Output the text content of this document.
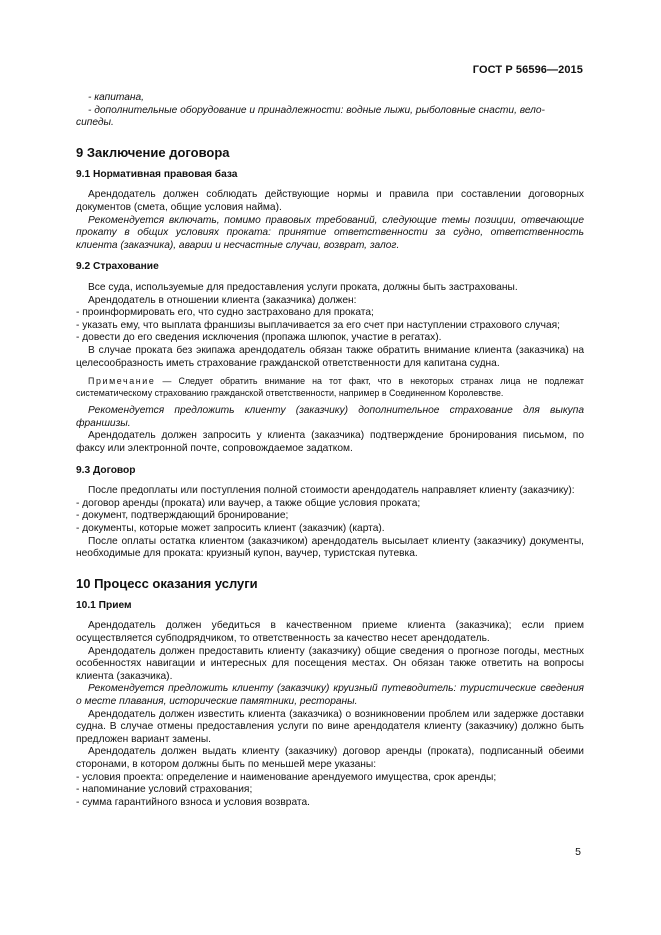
ГОСТ Р 56596—2015

- капитана,

- дополнительные оборудование и принадлежности: водные лыжи, рыболовные снасти, вело-

сипеды.

9 Заключение договора
9.1 Нормативная правовая база

Арендодатель должен соблюдать действующие нормы и правила при составлении договорных документов (смета, общие условия найма).

Рекомендуется включать, помимо правовых требований, следующие темы позиции, отвечающие прокату в общих условиях проката: принятие ответственности за судно, ответственность клиента (заказчика), аварии и несчастные случаи, возврат, залог.

9.2 Страхование

Все суда, используемые для предоставления услуги проката, должны быть застрахованы.

Арендодатель в отношении клиента (заказчика) должен:

- проинформировать его, что судно застраховано для проката;

- указать ему, что выплата франшизы выплачивается за его счет при наступлении страхового случая;

- довести до его сведения исключения (пропажа шлюпок, участие в регатах).

В случае проката без экипажа арендодатель обязан также обратить внимание клиента (заказчика) на целесообразность иметь страхование гражданской ответственности для капитана судна.

Примечание — Следует обратить внимание на тот факт, что в некоторых странах лица не подлежат систематическому страхованию гражданской ответственности, например в Соединенном Королевстве.

Рекомендуется предложить клиенту (заказчику) дополнительное страхование для выкупа франшизы.

Арендодатель должен запросить у клиента (заказчика) подтверждение бронирования письмом, по факсу или электронной почте, сопровождаемое задатком.

9.3 Договор

После предоплаты или поступления полной стоимости арендодатель направляет клиенту (заказчику):

- договор аренды (проката) или ваучер, а также общие условия проката;

- документ, подтверждающий бронирование;

- документы, которые может запросить клиент (заказчик) (карта).

После оплаты остатка клиентом (заказчиком) арендодатель высылает клиенту (заказчику) документы, необходимые для проката: круизный купон, ваучер, туристская путевка.

10 Процесс оказания услуги
10.1 Прием

Арендодатель должен убедиться в качественном приеме клиента (заказчика); если прием осуществляется субподрядчиком, то ответственность за качество несет арендодатель.

Арендодатель должен предоставить клиенту (заказчику) общие сведения о прогнозе погоды, местных особенностях навигации и интересных для посещения местах. Он обязан также ответить на вопросы клиента (заказчика).

Рекомендуется предложить клиенту (заказчику) круизный путеводитель: туристические сведения о месте плавания, исторические памятники, рестораны.

Арендодатель должен известить клиента (заказчика) о возникновении проблем или задержке доставки судна. В случае отмены предоставления услуги по вине арендодателя клиенту (заказчику) должно быть предложен вариант замены.

Арендодатель должен выдать клиенту (заказчику) договор аренды (проката), подписанный обеими сторонами, в котором должны быть по меньшей мере указаны:

- условия проекта: определение и наименование арендуемого имущества, срок аренды;

- напоминание условий страхования;

- сумма гарантийного взноса и условия возврата.

5
